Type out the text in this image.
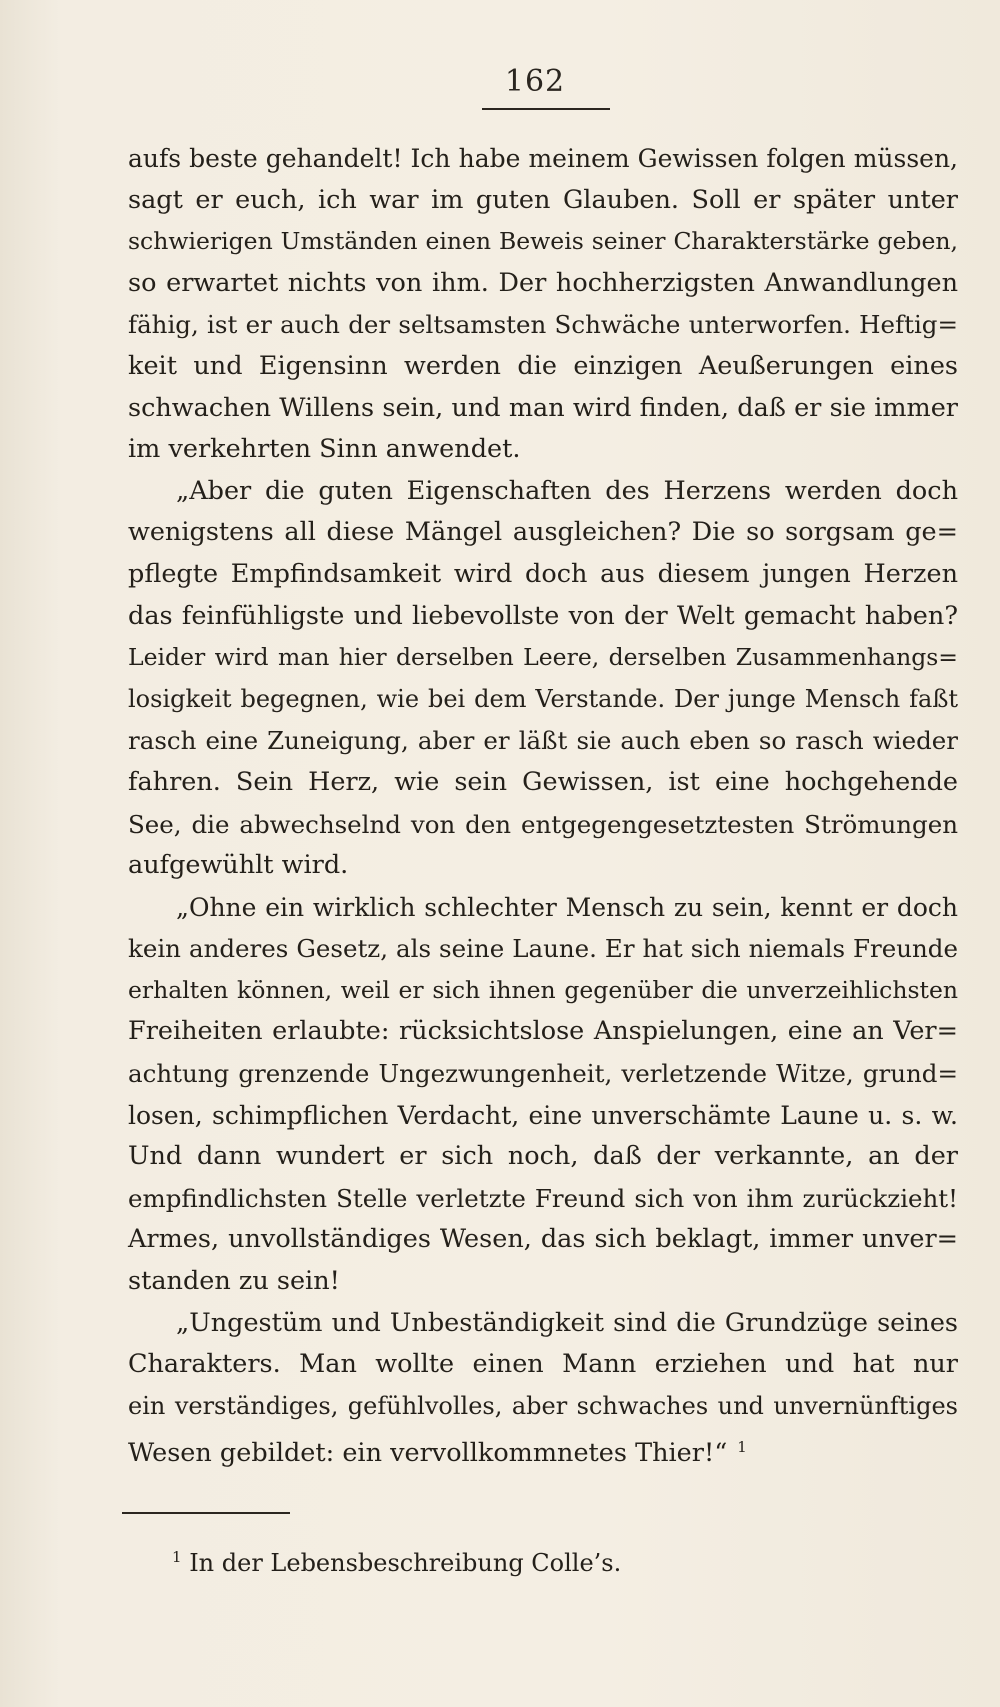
162
aufs beste gehandelt! Ich habe meinem Gewissen folgen müssen,
sagt er euch, ich war im guten Glauben. Soll er später unter
schwierigen Umständen einen Beweis seiner Charakterstärke geben,
so erwartet nichts von ihm. Der hochherzigsten Anwandlungen
fähig, ist er auch der seltsamsten Schwäche unterworfen. Heftig=
keit und Eigensinn werden die einzigen Aeußerungen eines
schwachen Willens sein, und man wird finden, daß er sie immer
im verkehrten Sinn anwendet.
„Aber die guten Eigenschaften des Herzens werden doch
wenigstens all diese Mängel ausgleichen? Die so sorgsam ge=
pflegte Empfindsamkeit wird doch aus diesem jungen Herzen
das feinfühligste und liebevollste von der Welt gemacht haben?
Leider wird man hier derselben Leere, derselben Zusammenhangs=
losigkeit begegnen, wie bei dem Verstande. Der junge Mensch faßt
rasch eine Zuneigung, aber er läßt sie auch eben so rasch wieder
fahren. Sein Herz, wie sein Gewissen, ist eine hochgehende
See, die abwechselnd von den entgegengesetztesten Strömungen
aufgewühlt wird.
„Ohne ein wirklich schlechter Mensch zu sein, kennt er doch
kein anderes Gesetz, als seine Laune. Er hat sich niemals Freunde
erhalten können, weil er sich ihnen gegenüber die unverzeihlichsten
Freiheiten erlaubte: rücksichtslose Anspielungen, eine an Ver=
achtung grenzende Ungezwungenheit, verletzende Witze, grund=
losen, schimpflichen Verdacht, eine unverschämte Laune u. s. w.
Und dann wundert er sich noch, daß der verkannte, an der
empfindlichsten Stelle verletzte Freund sich von ihm zurückzieht!
Armes, unvollständiges Wesen, das sich beklagt, immer unver=
standen zu sein!
„Ungestüm und Unbeständigkeit sind die Grundzüge seines
Charakters. Man wollte einen Mann erziehen und hat nur
ein verständiges, gefühlvolles, aber schwaches und unvernünftiges
Wesen gebildet: ein vervollkommnetes Thier!“ $^1$
$^1$ In der Lebensbeschreibung Colle’s.
